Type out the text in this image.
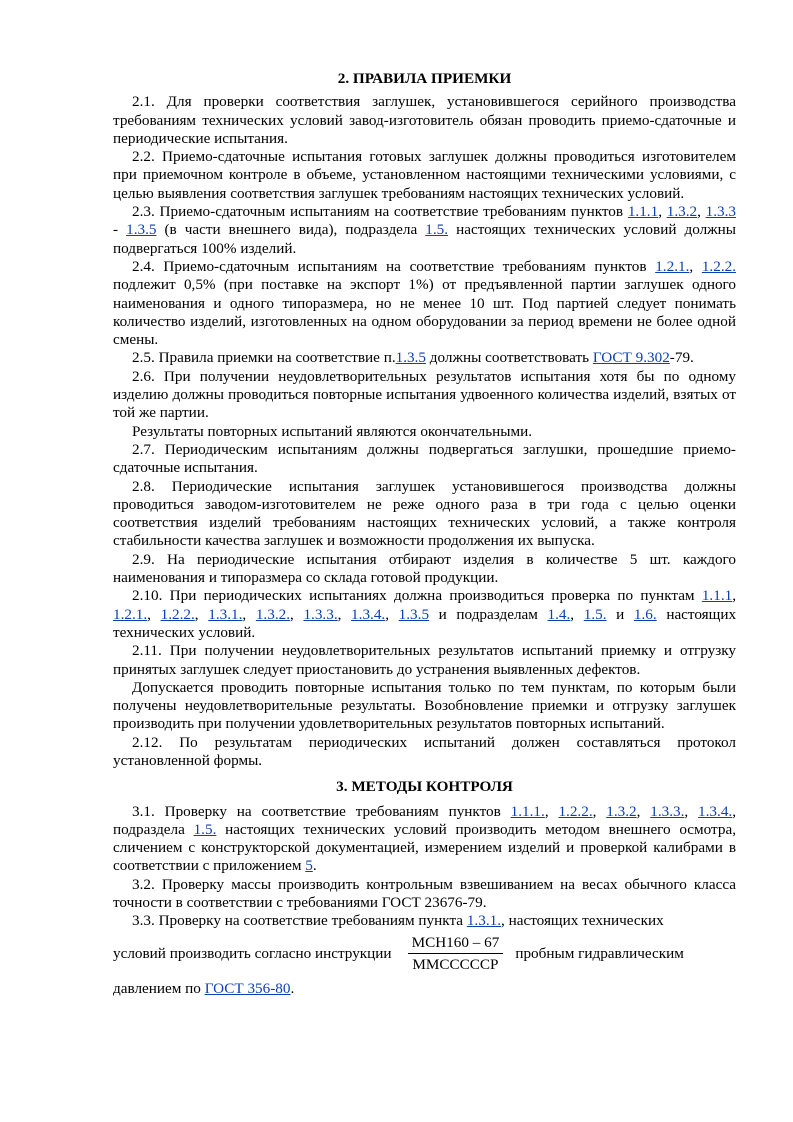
2. ПРАВИЛА ПРИЕМКИ

2.1. Для проверки соответствия заглушек, установившегося серийного производства требованиям технических условий завод-изготовитель обязан проводить приемо-сдаточные и периодические испытания.

2.2. Приемо-сдаточные испытания готовых заглушек должны проводиться изготовителем при приемочном контроле в объеме, установленном настоящими техническими условиями, с целью выявления соответствия заглушек требованиям настоящих технических условий.

2.3. Приемо-сдаточным испытаниям на соответствие требованиям пунктов 1.1.1, 1.3.2, 1.3.3 - 1.3.5 (в части внешнего вида), подраздела 1.5. настоящих технических условий должны подвергаться 100% изделий.

2.4. Приемо-сдаточным испытаниям на соответствие требованиям пунктов 1.2.1., 1.2.2. подлежит 0,5% (при поставке на экспорт 1%) от предъявленной партии заглушек одного наименования и одного типоразмера, но не менее 10 шт. Под партией следует понимать количество изделий, изготовленных на одном оборудовании за период времени не более одной смены.

2.5. Правила приемки на соответствие п.1.3.5 должны соответствовать ГОСТ 9.302-79.

2.6. При получении неудовлетворительных результатов испытания хотя бы по одному изделию должны проводиться повторные испытания удвоенного количества изделий, взятых от той же партии.

Результаты повторных испытаний являются окончательными.

2.7. Периодическим испытаниям должны подвергаться заглушки, прошедшие приемо-сдаточные испытания.

2.8. Периодические испытания заглушек установившегося производства должны проводиться заводом-изготовителем не реже одного раза в три года с целью оценки соответствия изделий требованиям настоящих технических условий, а также контроля стабильности качества заглушек и возможности продолжения их выпуска.

2.9. На периодические испытания отбирают изделия в количестве 5 шт. каждого наименования и типоразмера со склада готовой продукции.

2.10. При периодических испытаниях должна производиться проверка по пунктам 1.1.1, 1.2.1., 1.2.2., 1.3.1., 1.3.2., 1.3.3., 1.3.4., 1.3.5 и подразделам 1.4., 1.5. и 1.6. настоящих технических условий.

2.11. При получении неудовлетворительных результатов испытаний приемку и отгрузку принятых заглушек следует приостановить до устранения выявленных дефектов.

Допускается проводить повторные испытания только по тем пунктам, по которым были получены неудовлетворительные результаты. Возобновление приемки и отгрузку заглушек производить при получении удовлетворительных результатов повторных испытаний.

2.12. По результатам периодических испытаний должен составляться протокол установленной формы.

3. МЕТОДЫ КОНТРОЛЯ

3.1. Проверку на соответствие требованиям пунктов 1.1.1., 1.2.2., 1.3.2, 1.3.3., 1.3.4., подраздела 1.5. настоящих технических условий производить методом внешнего осмотра, сличением с конструкторской документацией, измерением изделий и проверкой калибрами в соответствии с приложением 5.

3.2. Проверку массы производить контрольным взвешиванием на весах обычного класса точности в соответствии с требованиями ГОСТ 23676-79.

3.3. Проверку на соответствие требованиям пункта 1.3.1., настоящих технических

условий производить согласно инструкции $\frac{\text{МСН160 – 67}}{\text{ММСССССР}}$ пробным гидравлическим

давлением по ГОСТ 356-80.
